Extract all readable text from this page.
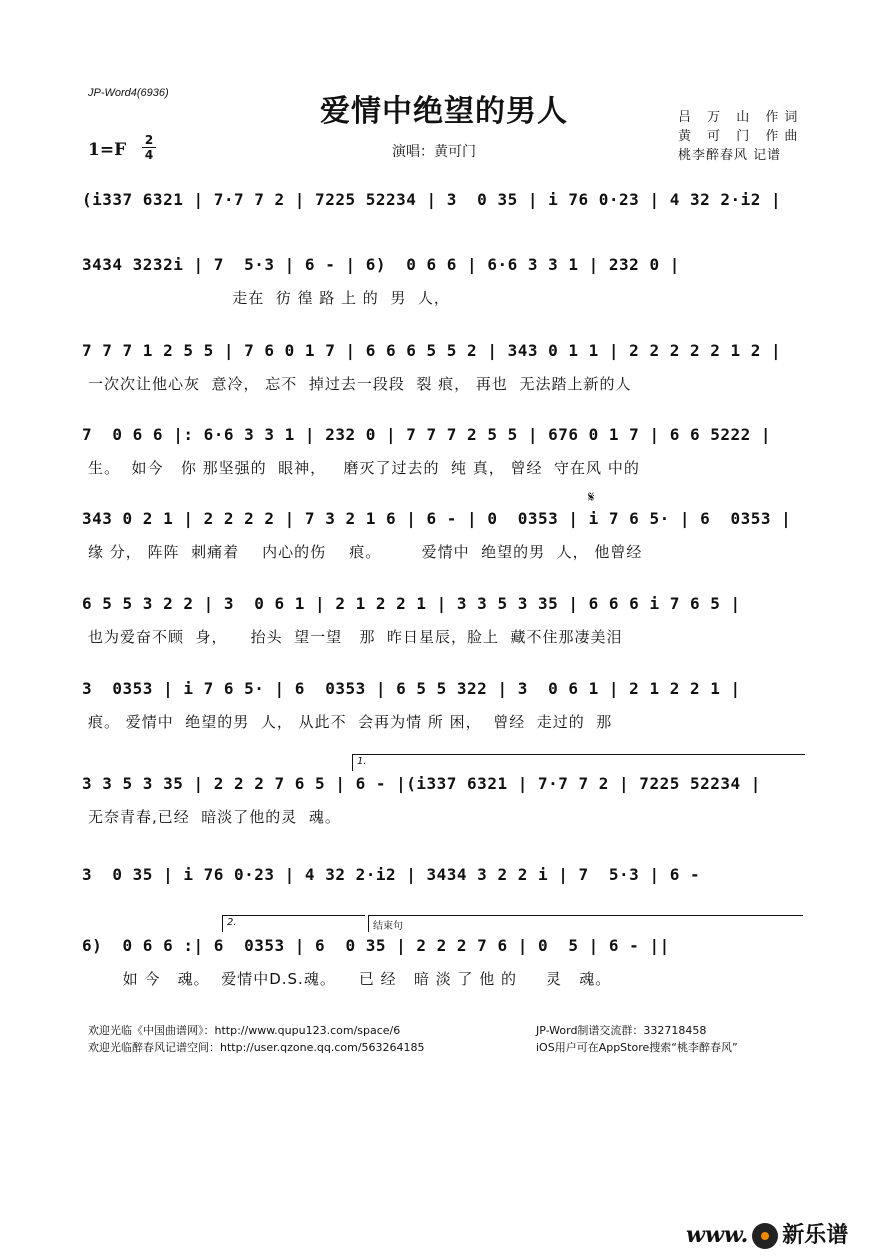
JP-Word4(6936)
爱情中绝望的男人	吕 万 山 作词
黄 可 门 作曲
桃李醉春风 记谱
1=F 2
4	演唱：黄可门
(i337 6321 | 7·7 7 2 | 7225 52234 | 3  0 35 | i 76 0·23 | 4 32 2·i2 |
3434 3232i | 7  5·3 | 6 - | 6)  0 6 6 | 6·6 3 3 1 | 232 0 |
走在  彷 徨 路 上 的  男  人，
7 7 7 1 2 5 5 | 7 6 0 1 7 | 6 6 6 5 5 2 | 343 0 1 1 | 2 2 2 2 2 1 2 |
一次次让他心灰  意冷， 忘不  掉过去一段段  裂 痕， 再也  无法踏上新的人
7  0 6 6 |: 6·6 3 3 1 | 232 0 | 7 7 7 2 5 5 | 676 0 1 7 | 6 6 5222 |
生。  如今   你 那坚强的  眼神，   磨灭了过去的  纯 真， 曾经  守在风 中的
𝄋
343 0 2 1 | 2 2 2 2 | 7 3 2 1 6 | 6 - | 0  0353 | i 7 6 5· | 6  0353 |
缘 分， 阵阵  刺痛着    内心的伤    痕。       爱情中  绝望的男  人， 他曾经
6 5 5 3 2 2 | 3  0 6 1 | 2 1 2 2 1 | 3 3 5 3 35 | 6 6 6 i 7 6 5 |
也为爱奋不顾  身，    抬头  望一望   那  昨日星辰，脸上  藏不住那凄美泪
3  0353 | i 7 6 5· | 6  0353 | 6 5 5 322 | 3  0 6 1 | 2 1 2 2 1 |
痕。 爱情中  绝望的男  人， 从此不  会再为情 所 困，  曾经  走过的  那
1.
3 3 5 3 35 | 2 2 2 7 6 5 | 6 - |(i337 6321 | 7·7 7 2 | 7225 52234 |
无奈青春,已经  暗淡了他的灵  魂。
3  0 35 | i 76 0·23 | 4 32 2·i2 | 3434 3 2 2 i | 7  5·3 | 6 -
2.	结束句
6)  0 6 6 :| 6  0353 | 6  0 35 | 2 2 2 7 6 | 0  5 | 6 - ||
如 今   魂。  爱情中D.S.魂。    已 经   暗 淡 了 他 的     灵   魂。
欢迎光临《中国曲谱网》：http://www.qupu123.com/space/6
欢迎光临醉春风记谱空间：http://user.qzone.qq.com/563264185
JP-Word制谱交流群：332718458
iOS用户可在AppStore搜索“桃李醉春风”
www. 新乐谱
